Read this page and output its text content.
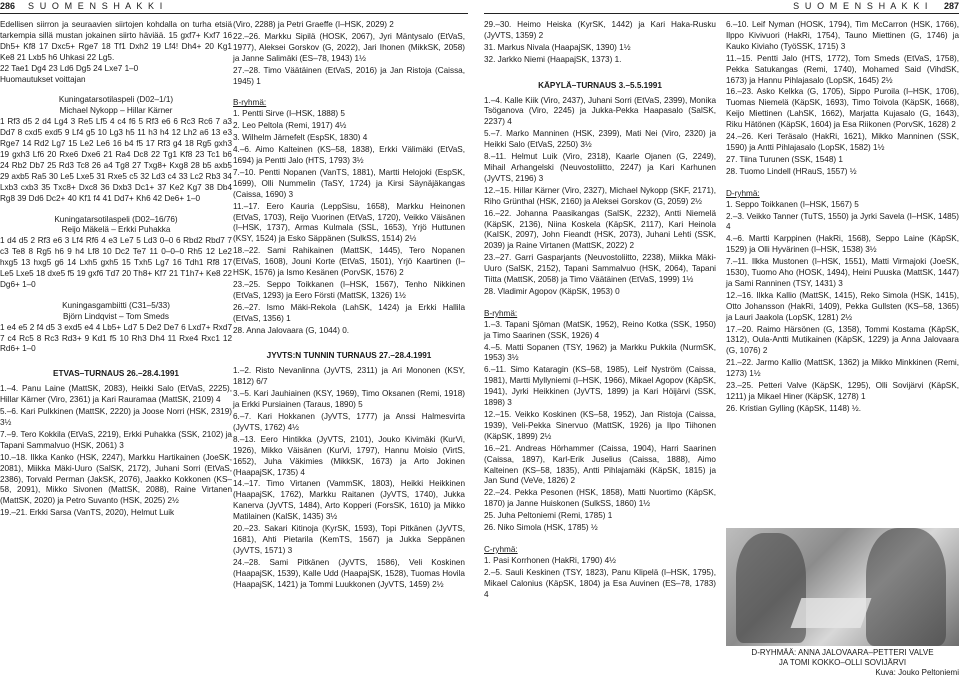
286 S U O M E N S H A K K I

Edellisen siirron ja seuraavien siirtojen kohdalla on turha etsiä tarkempia sillä mustan jokainen siirto häviää. 15 gxf7+ Kxf7 16 Dh5+ Kf8 17 Dxc5+ Rge7 18 Tf1 Dxh2 19 Lf4! Dh4+ 20 Kg1 Ke8 21 Lxb5 h6 Uhkasi 22 Lg5.

22 Tae1 Dg4 23 Ld6 Dg5 24 Lxe7 1–0

Huomautukset voittajan

Kuningatarsotilaspeli (D02–1/1)

Michael Nykopp – Hillar Kärner

1 Rf3 d5 2 d4 Lg4 3 Re5 Lf5 4 c4 f6 5 Rf3 e6 6 Rc3 Rc6 7 a3 Dd7 8 cxd5 exd5 9 Lf4 g5 10 Lg3 h5 11 h3 h4 12 Lh2 a6 13 e3 Rge7 14 Rd2 Lg7 15 Le2 Le6 16 b4 f5 17 Rf3 g4 18 Rg5 gxh3 19 gxh3 Lf6 20 Rxe6 Dxe6 21 Ra4 Dc8 22 Tg1 Kf8 23 Tc1 b6 24 Rb2 Db7 25 Rd3 Tc8 26 a4 Tg8 27 Txg8+ Kxg8 28 b5 axb5 29 axb5 Ra5 30 Le5 Lxe5 31 Rxe5 c5 32 Ld3 c4 33 Lc2 Rb3 34 Lxb3 cxb3 35 Txc8+ Dxc8 36 Dxb3 Dc1+ 37 Ke2 Kg7 38 Db4 Rg8 39 Dd6 Dc2+ 40 Kf1 f4 41 Dd7+ Kh6 42 De6+ 1–0

Kuningatarsotilaspeli (D02–16/76)

Reijo Mäkelä – Erkki Puhakka

1 d4 d5 2 Rf3 e6 3 Lf4 Rf6 4 e3 Le7 5 Ld3 0–0 6 Rbd2 Rbd7 7 c3 Te8 8 Rg5 h6 9 h4 Lf8 10 Dc2 Te7 11 0–0–0 Rh5 12 Le2 hxg5 13 hxg5 g6 14 Lxh5 gxh5 15 Txh5 Lg7 16 Tdh1 Rf8 17 Le5 Lxe5 18 dxe5 f5 19 gxf6 Td7 20 Th8+ Kf7 21 T1h7+ Ke8 22 Dg6+ 1–0

Kuningasgambiitti (C31–5/33)

Björn Lindqvist – Tom Smeds

1 e4 e5 2 f4 d5 3 exd5 e4 4 Lb5+ Ld7 5 De2 De7 6 Lxd7+ Rxd7 7 c4 Rc5 8 Rc3 Rd3+ 9 Kd1 f5 10 Rh3 Dh4 11 Rxe4 Rxc1 12 Rd6+ 1–0

ETVAS–TURNAUS 26.–28.4.1991

1.–4. Panu Laine (MattSK, 2083), Heikki Salo (EtVaS, 2225), Hillar Kärner (Viro, 2361) ja Kari Rauramaa (MattSK, 2109) 4

5.–6. Kari Pulkkinen (MattSK, 2220) ja Joose Norri (HSK, 2319) 3½

7.–9. Tero Kokkila (EtVaS, 2219), Erkki Puhakka (SSK, 2102) ja Tapani Sammalvuo (HSK, 2061) 3

10.–18. Ilkka Kanko (HSK, 2247), Markku Hartikainen (JoeSK, 2081), Miikka Mäki-Uuro (SalSK, 2172), Juhani Sorri (EtVaS, 2386), Torvald Perman (JakSK, 2076), Jaakko Kokkonen (KS–58, 2091), Mikko Sivonen (MattSK, 2088), Raine Virtanen (MattSK, 2020) ja Petro Suvanto (HSK, 2025) 2½

19.–21. Erkki Sarsa (VanTS, 2020), Helmut Luik

(Viro, 2288) ja Petri Graeffe (I–HSK, 2029) 2

22.–26. Markku Sipilä (HOSK, 2067), Jyri Mäntysalo (EtVaS, 1977), Aleksei Gorskov (G, 2022), Jari Ihonen (MikkSK, 2058) ja Janne Salimäki (ES–78, 1943) 1½

27.–28. Timo Väätäinen (EtVaS, 2016) ja Jan Ristoja (Caissa, 1945) 1

B-ryhmä:

1. Pentti Sirve (I–HSK, 1888) 5

2. Leo Peltola (Remi, 1917) 4½

3. Wilhelm Järnefelt (EspSK, 1830) 4

4.–6. Aimo Kalteinen (KS–58, 1838), Erkki Välimäki (EtVaS, 1694) ja Pentti Jalo (HTS, 1793) 3½

7.–10. Pentti Nopanen (VanTS, 1881), Martti Helojoki (EspSK, 1699), Olli Nummelin (TaSY, 1724) ja Kirsi Säynäjäkangas (Caissa, 1690) 3

11.–17. Eero Kauria (LeppSisu, 1658), Markku Heinonen (EtVaS, 1703), Reijo Vuorinen (EtVaS, 1720), Veikko Väisänen (I–HSK, 1737), Armas Kulmala (SSL, 1653), Yrjö Huttunen (KSY, 1524) ja Esko Säppänen (SulkSS, 1514) 2½

18.–22. Sami Rahikainen (MattSK, 1445), Tero Nopanen (EtVaS, 1608), Jouni Korte (EtVaS, 1501), Yrjö Kaartinen (I–HSK, 1576) ja Ismo Kesänen (PorvSK, 1576) 2

23.–25. Seppo Toikkanen (I–HSK, 1567), Tenho Nikkinen (EtVaS, 1293) ja Eero Försti (MattSK, 1326) 1½

26.–27. Ismo Mäki-Rekola (LahSK, 1424) ja Erkki Hallila (EtVaS, 1356) 1

28. Anna Jalovaara (G, 1044) 0.

JYVTS:N TUNNIN TURNAUS 27.–28.4.1991

1.–2. Risto Nevanlinna (JyVTS, 2311) ja Ari Mononen (KSY, 1812) 6/7

3.–5. Kari Jauhiainen (KSY, 1969), Timo Oksanen (Remi, 1918) ja Erkki Pursiainen (Taraus, 1890) 5

6.–7. Kari Hokkanen (JyVTS, 1777) ja Anssi Halmesvirta (JyVTS, 1762) 4½

8.–13. Eero Hintikka (JyVTS, 2101), Jouko Kivimäki (KurVi, 1926), Mikko Väisänen (KurVi, 1797), Hannu Moisio (VirtS, 1652), Juha Väkimies (MikkSK, 1673) ja Arto Jokinen (HaapajSK, 1735) 4

14.–17. Timo Virtanen (VammSK, 1803), Heikki Heikkinen (HaapajSK, 1762), Markku Raitanen (JyVTS, 1740), Jukka Kanerva (JyVTS, 1484), Arto Kopperi (ForsSK, 1610) ja Mikko Matilainen (KalSK, 1435) 3½

20.–23. Sakari Kitinoja (KyrSK, 1593), Topi Pitkänen (JyVTS, 1681), Ahti Pietarila (KemTS, 1567) ja Jukka Seppänen (JyVTS, 1571) 3

24.–28. Sami Pitkänen (JyVTS, 1586), Veli Koskinen (HaapajSK, 1539), Kalle Udd (HaapajSK, 1528), Tuomas Hovila (HaapajSK, 1421) ja Tommi Luukkonen (JyVTS, 1459) 2½

S U O M E N S H A K K I 287

29.–30. Heimo Heiska (KyrSK, 1442) ja Kari Haka-Rusku (JyVTS, 1359) 2

31. Markus Nivala (HaapajSK, 1390) 1½

32. Jarkko Niemi (HaapajSK, 1373) 1.

KÄPYLÄ–TURNAUS 3.–5.5.1991

1.–4. Kalle Kiik (Viro, 2437), Juhani Sorri (EtVaS, 2399), Monika Tsöganova (Viro, 2245) ja Jukka-Pekka Haapasalo (SalSK, 2237) 4

5.–7. Marko Manninen (HSK, 2399), Mati Nei (Viro, 2320) ja Heikki Salo (EtVaS, 2250) 3½

8.–11. Helmut Luik (Viro, 2318), Kaarle Ojanen (G, 2249), Mihail Arhangelski (Neuvostoliitto, 2247) ja Kari Karhunen (JyVTS, 2196) 3

12.–15. Hillar Kärner (Viro, 2327), Michael Nykopp (SKF, 2171), Riho Grünthal (HSK, 2160) ja Aleksei Gorskov (G, 2059) 2½

16.–22. Johanna Paasikangas (SalSK, 2232), Antti Niemelä (KäpSK, 2136), Niina Koskela (KäpSK, 2117), Kari Heinola (KaISK, 2097), John Fieandt (HSK, 2073), Juhani Lehti (SSK, 2039) ja Raine Virtanen (MattSK, 2022) 2

23.–27. Garri Gasparjants (Neuvostoliitto, 2238), Miikka Mäki-Uuro (SalSK, 2152), Tapani Sammalvuo (HSK, 2064), Tapani Tiitta (MattSK, 2058) ja Timo Väätäinen (EtVaS, 1999) 1½

28. Vladimir Agopov (KäpSK, 1953) 0

B-ryhmä:

1.–3. Tapani Sjöman (MatSK, 1952), Reino Kotka (SSK, 1950) ja Timo Saarinen (SSK, 1926) 4

4.–5. Matti Sopanen (TSY, 1962) ja Markku Pukkila (NurmSK, 1953) 3½

6.–11. Simo Kataragin (KS–58, 1985), Leif Nyström (Caissa, 1981), Martti Myllyniemi (I–HSK, 1966), Mikael Agopov (KäpSK, 1941), Jyrki Heikkinen (JyVTS, 1899) ja Kari Höijärvi (SSK, 1898) 3

12.–15. Veikko Koskinen (KS–58, 1952), Jan Ristoja (Caissa, 1939), Veli-Pekka Sinervuo (MattSK, 1926) ja Ilpo Tiihonen (KäpSK, 1899) 2½

16.–21. Andreas Hörhammer (Caissa, 1904), Harri Saarinen (Caissa, 1897), Karl-Erik Juselius (Caissa, 1888), Aimo Kalteinen (KS–58, 1835), Antti Pihlajamäki (KäpSK, 1815) ja Jan Sund (VeVe, 1826) 2

22.–24. Pekka Pesonen (HSK, 1858), Matti Nuortimo (KäpSK, 1870) ja Janne Huiskonen (SulkSS, 1860) 1½

25. Juha Peltoniemi (Remi, 1785) 1

26. Niko Simola (HSK, 1785) ½

C-ryhmä:

1. Pasi Korrhonen (HakRi, 1790) 4½

2.–5. Sauli Keskinen (TSY, 1823), Panu Klipelä (I–HSK, 1795), Mikael Calonius (KäpSK, 1804) ja Esa Auvinen (ES–78, 1783) 4

6.–10. Leif Nyman (HOSK, 1794), Tim McCarron (HSK, 1766), Ilppo Kivivuori (HakRi, 1754), Tauno Miettinen (G, 1746) ja Kauko Kiviaho (TyöSSK, 1715) 3

11.–15. Pentti Jalo (HTS, 1772), Tom Smeds (EtVaS, 1758), Pekka Satukangas (Remi, 1740), Mohamed Said (VihdSK, 1673) ja Hannu Pihlajasalo (LopSK, 1645) 2½

16.–23. Asko Kelkka (G, 1705), Sippo Puroila (I–HSK, 1706), Tuomas Niemelä (KäpSK, 1693), Timo Toivola (KäpSK, 1668), Keijo Miettinen (LahSK, 1662), Marjatta Kujasalo (G, 1643), Riku Hätönen (KäpSK, 1604) ja Esa Riikonen (PorvSK, 1628) 2

24.–26. Keri Teräsalo (HakRi, 1621), Mikko Manninen (SSK, 1590) ja Antti Pihlajasalo (LopSK, 1582) 1½

27. Tiina Turunen (SSK, 1548) 1

28. Tuomo Lindell (HRauS, 1557) ½

D-ryhmä:

1. Seppo Toikkanen (I–HSK, 1567) 5

2.–3. Veikko Tanner (TuTS, 1550) ja Jyrki Savela (I–HSK, 1485) 4

4.–6. Martti Karppinen (HakRi, 1568), Seppo Laine (KäpSK, 1529) ja Olli Hyvärinen (I–HSK, 1538) 3½

7.–11. Ilkka Mustonen (I–HSK, 1551), Matti Virmajoki (JoeSK, 1530), Tuomo Aho (HOSK, 1494), Heini Puuska (MattSK, 1447) ja Sami Ranninen (TSY, 1431) 3

12.–16. Ilkka Kallio (MattSK, 1415), Reko Simola (HSK, 1415), Otto Johansson (HakRi, 1409), Pekka Gullsten (KS–58, 1365) ja Lauri Jaakola (LopSK, 1281) 2½

17.–20. Raimo Härsönen (G, 1358), Tommi Kostama (KäpSK, 1312), Oula-Antti Mutikainen (KäpSK, 1229) ja Anna Jalovaara (G, 1076) 2

21.–22. Jarmo Kallio (MattSK, 1362) ja Mikko Minkkinen (Remi, 1273) 1½

23.–25. Petteri Valve (KäpSK, 1295), Olli Sovijärvi (KäpSK, 1211) ja Mikael Hiner (KäpSK, 1278) 1

26. Kristian Gylling (KäpSK, 1148) ½.

D-RYHMÄÄ: ANNA JALOVAARA–PETTERI VALVE
JA TOMI KOKKO–OLLI SOVIJÄRVI
Kuva: Jouko Peltoniemi
